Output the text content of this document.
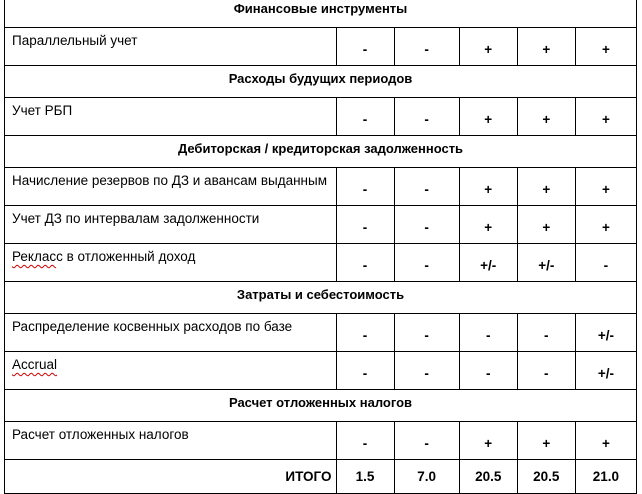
Финансовые инструменты					
Параллельный учет	-	-	+	+	+
Расходы будущих периодов					
Учет РБП	-	-	+	+	+
Дебиторская / кредиторская задолженность					
Начисление резервов по ДЗ и авансам выданным	-	-	+	+	+
Учет ДЗ по интервалам задолженности	-	-	+	+	+
Рекласс в отложенный доход	-	-	+/-	+/-	-
Затраты и себестоимость					
Распределение косвенных расходов по базе	-	-	-	-	+/-
Accrual	-	-	-	-	+/-
Расчет отложенных налогов					
Расчет отложенных налогов	-	-	+	+	+
ИТОГО	1.5	7.0	20.5	20.5	21.0
